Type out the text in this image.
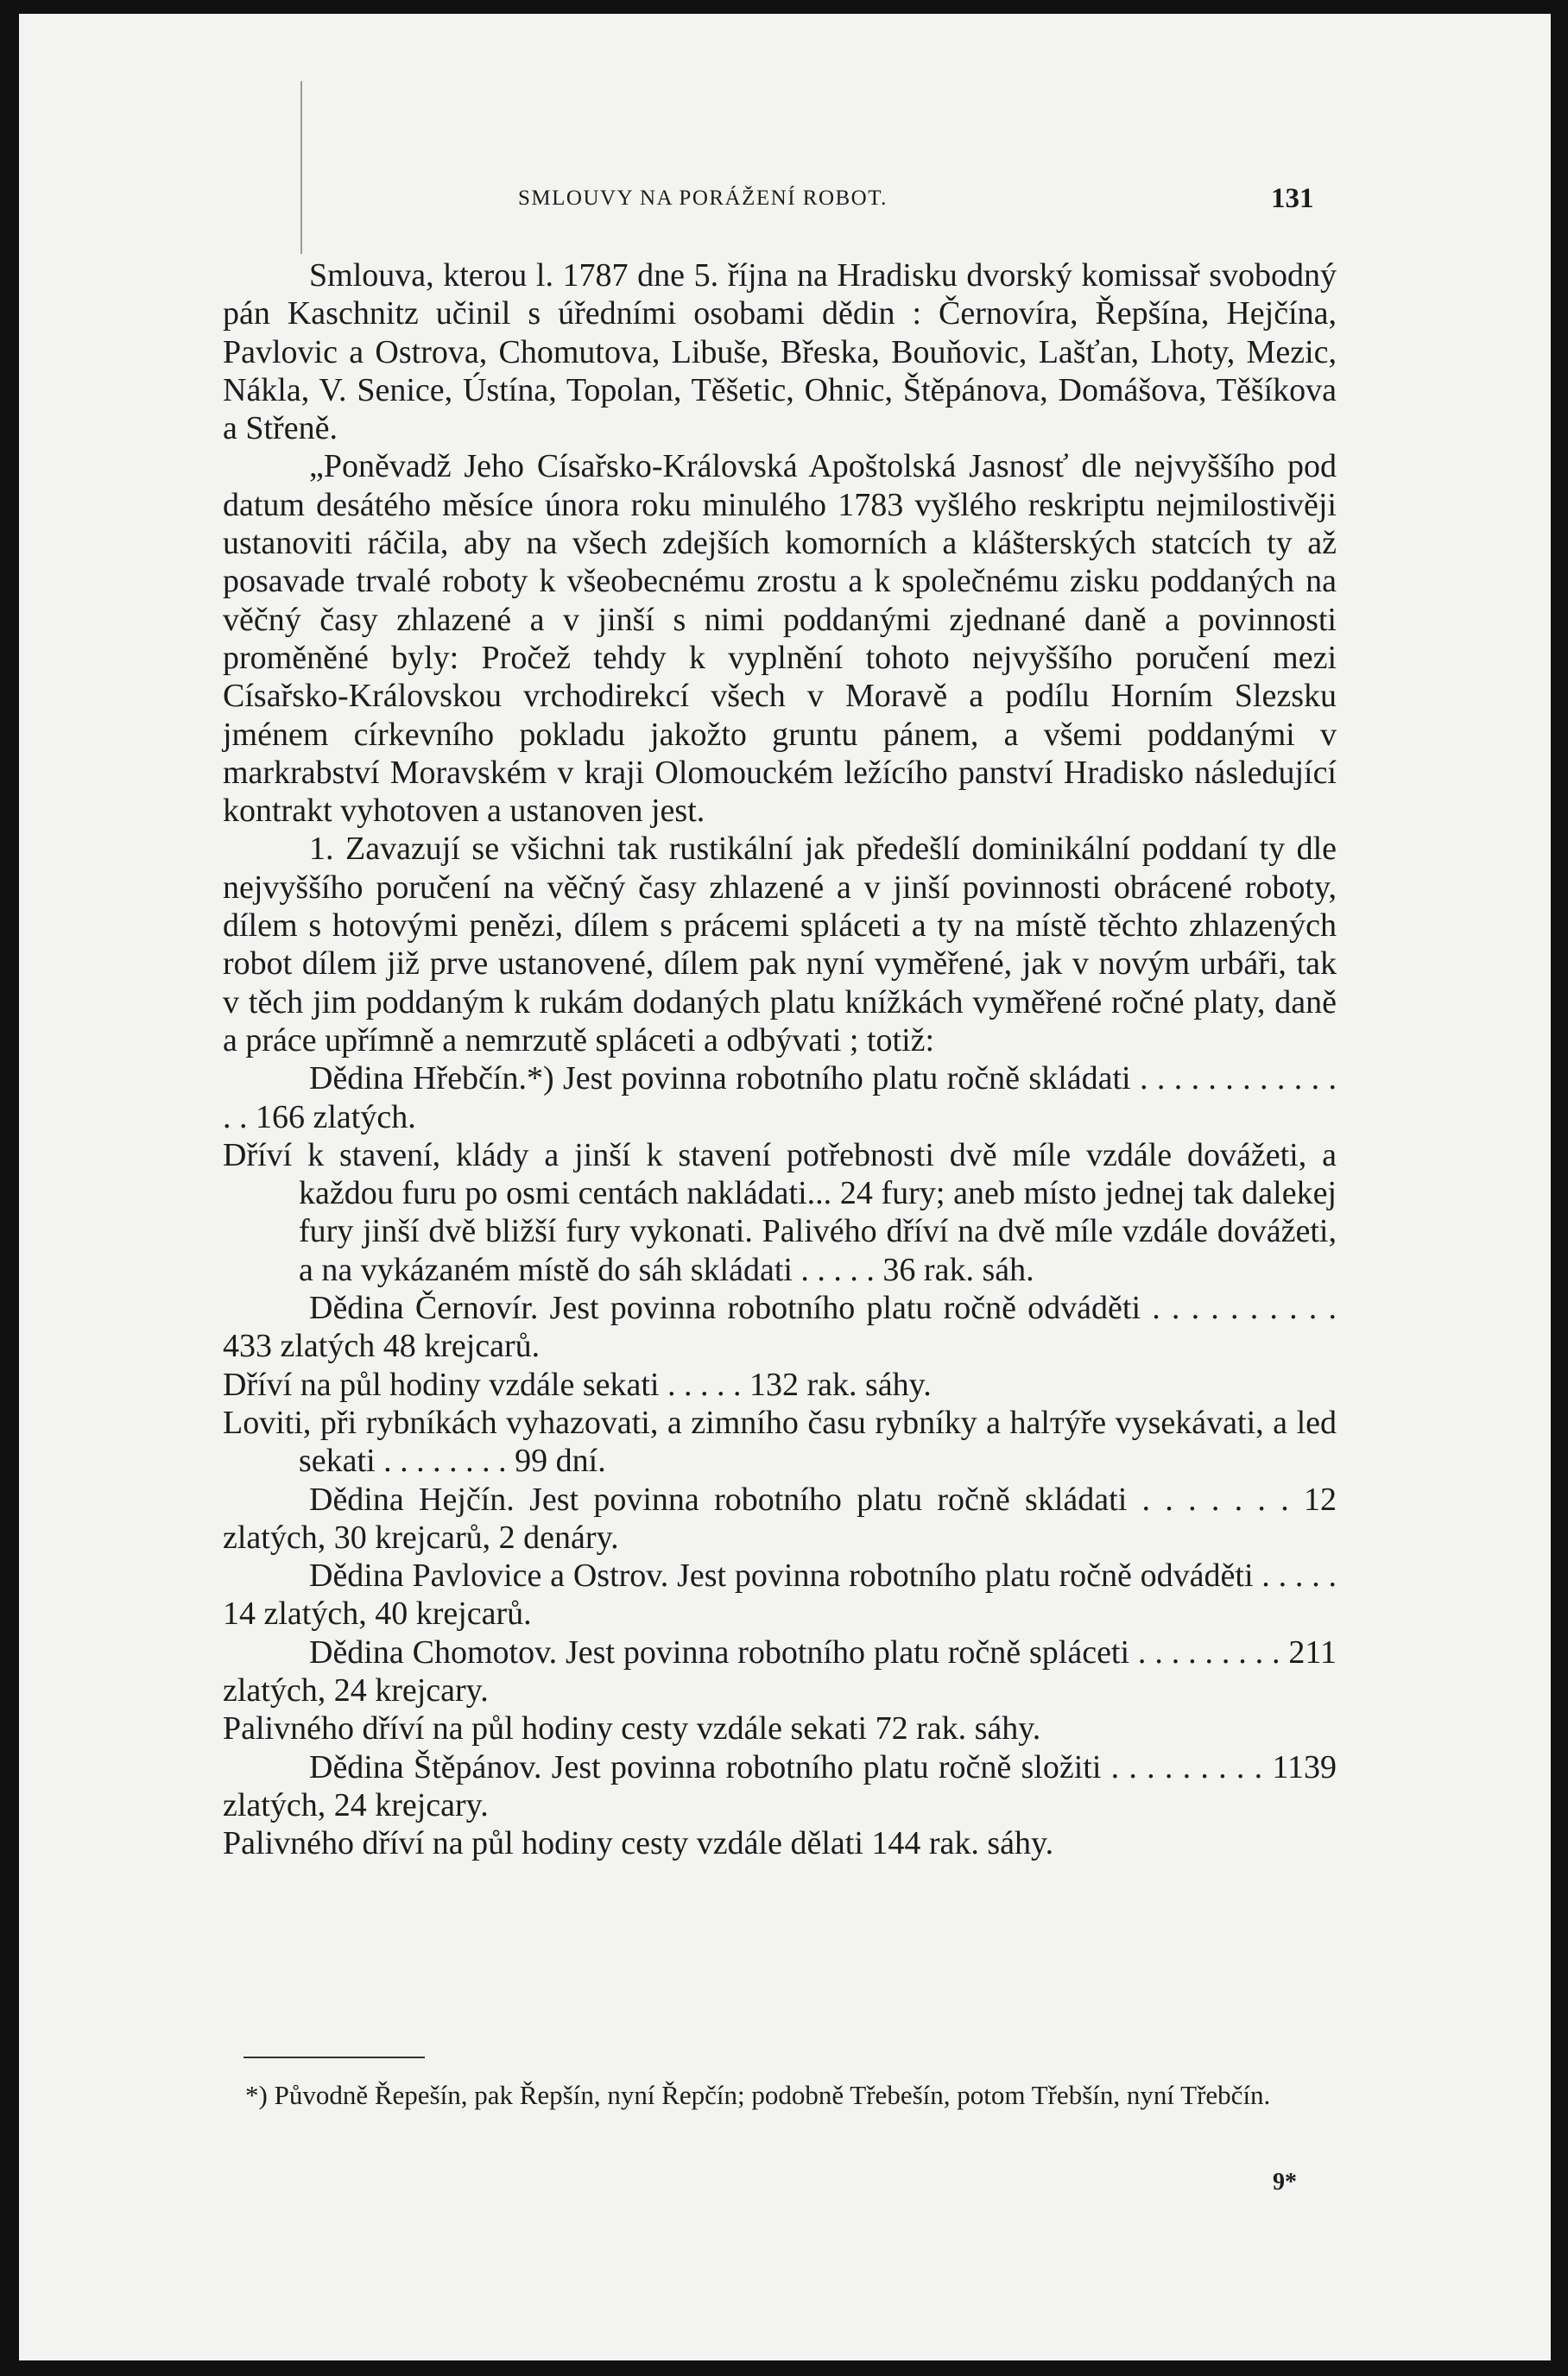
SMLOUVY NA PORÁŽENÍ ROBOT.	131

Smlouva, kterou l. 1787 dne 5. října na Hradisku dvorský komissař svobodný pán Kaschnitz učinil s úředními osobami dědin : Černovíra, Řepšína, Hejčína, Pavlovic a Ostrova, Chomutova, Libuše, Břeska, Bouňovic, Lašťan, Lhoty, Mezic, Nákla, V. Senice, Ústína, Topolan, Těšetic, Ohnic, Štěpánova, Domášova, Těšíkova a Střeně.

„Poněvadž Jeho Císařsko-Královská Apoštolská Jasnosť dle nejvyššího pod datum desátého měsíce února roku minulého 1783 vyšlého reskriptu nejmilostivěji ustanoviti ráčila, aby na všech zdejších komorních a klášterských statcích ty až posavade trvalé roboty k všeobecnému zrostu a k společnému zisku poddaných na věčný časy zhlazené a v jinší s nimi poddanými zjednané daně a povinnosti proměněné byly: Pročež tehdy k vyplnění tohoto nejvyššího poručení mezi Císařsko-Královskou vrchodirekcí všech v Moravě a podílu Horním Slezsku jménem církevního pokladu jakožto gruntu pánem, a všemi poddanými v markrabství Moravském v kraji Olomouckém ležícího panství Hradisko následující kontrakt vyhotoven a ustanoven jest.

1. Zavazují se všichni tak rustikální jak předešlí dominikální poddaní ty dle nejvyššího poručení na věčný časy zhlazené a v jinší povinnosti obrácené roboty, dílem s hotovými penězi, dílem s prácemi spláceti a ty na místě těchto zhlazených robot dílem již prve ustanovené, dílem pak nyní vyměřené, jak v novým urbáři, tak v těch jim poddaným k rukám dodaných platu knížkách vyměřené ročné platy, daně a práce upřímně a nemrzutě spláceti a odbývati ; totiž:

Dědina Hřebčín.*) Jest povinna robotního platu ročně skládati . . . . . . . . . . . . . . 166 zlatých.

Dříví k stavení, klády a jinší k stavení potřebnosti dvě míle vzdále dovážeti, a každou furu po osmi centách nakládati... 24 fury; aneb místo jednej tak dalekej fury jinší dvě bližší fury vykonati. Palivého dříví na dvě míle vzdále dovážeti, a na vykázaném místě do sáh skládati . . . . . 36 rak. sáh.

Dědina Černovír. Jest povinna robotního platu ročně odváděti . . . . . . . . . . 433 zlatých 48 krejcarů.

Dříví na půl hodiny vzdále sekati . . . . . 132 rak. sáhy.

Loviti, při rybníkách vyhazovati, a zimního času rybníky a halтýře vysekávati, a led sekati . . . . . . . . 99 dní.

Dědina Hejčín. Jest povinna robotního platu ročně skládati . . . . . . . 12 zlatých, 30 krejcarů, 2 denáry.

Dědina Pavlovice a Ostrov. Jest povinna robotního platu ročně odváděti . . . . . 14 zlatých, 40 krejcarů.

Dědina Chomotov. Jest povinna robotního platu ročně spláceti . . . . . . . . . 211 zlatých, 24 krejcary.

Palivného dříví na půl hodiny cesty vzdále sekati 72 rak. sáhy.

Dědina Štěpánov. Jest povinna robotního platu ročně složiti . . . . . . . . . 1139 zlatých, 24 krejcary.

Palivného dříví na půl hodiny cesty vzdále dělati 144 rak. sáhy.

*) Původně Řepešín, pak Řepšín, nyní Řepčín; podobně Třebešín, potom Třebšín, nyní Třebčín.

9*
